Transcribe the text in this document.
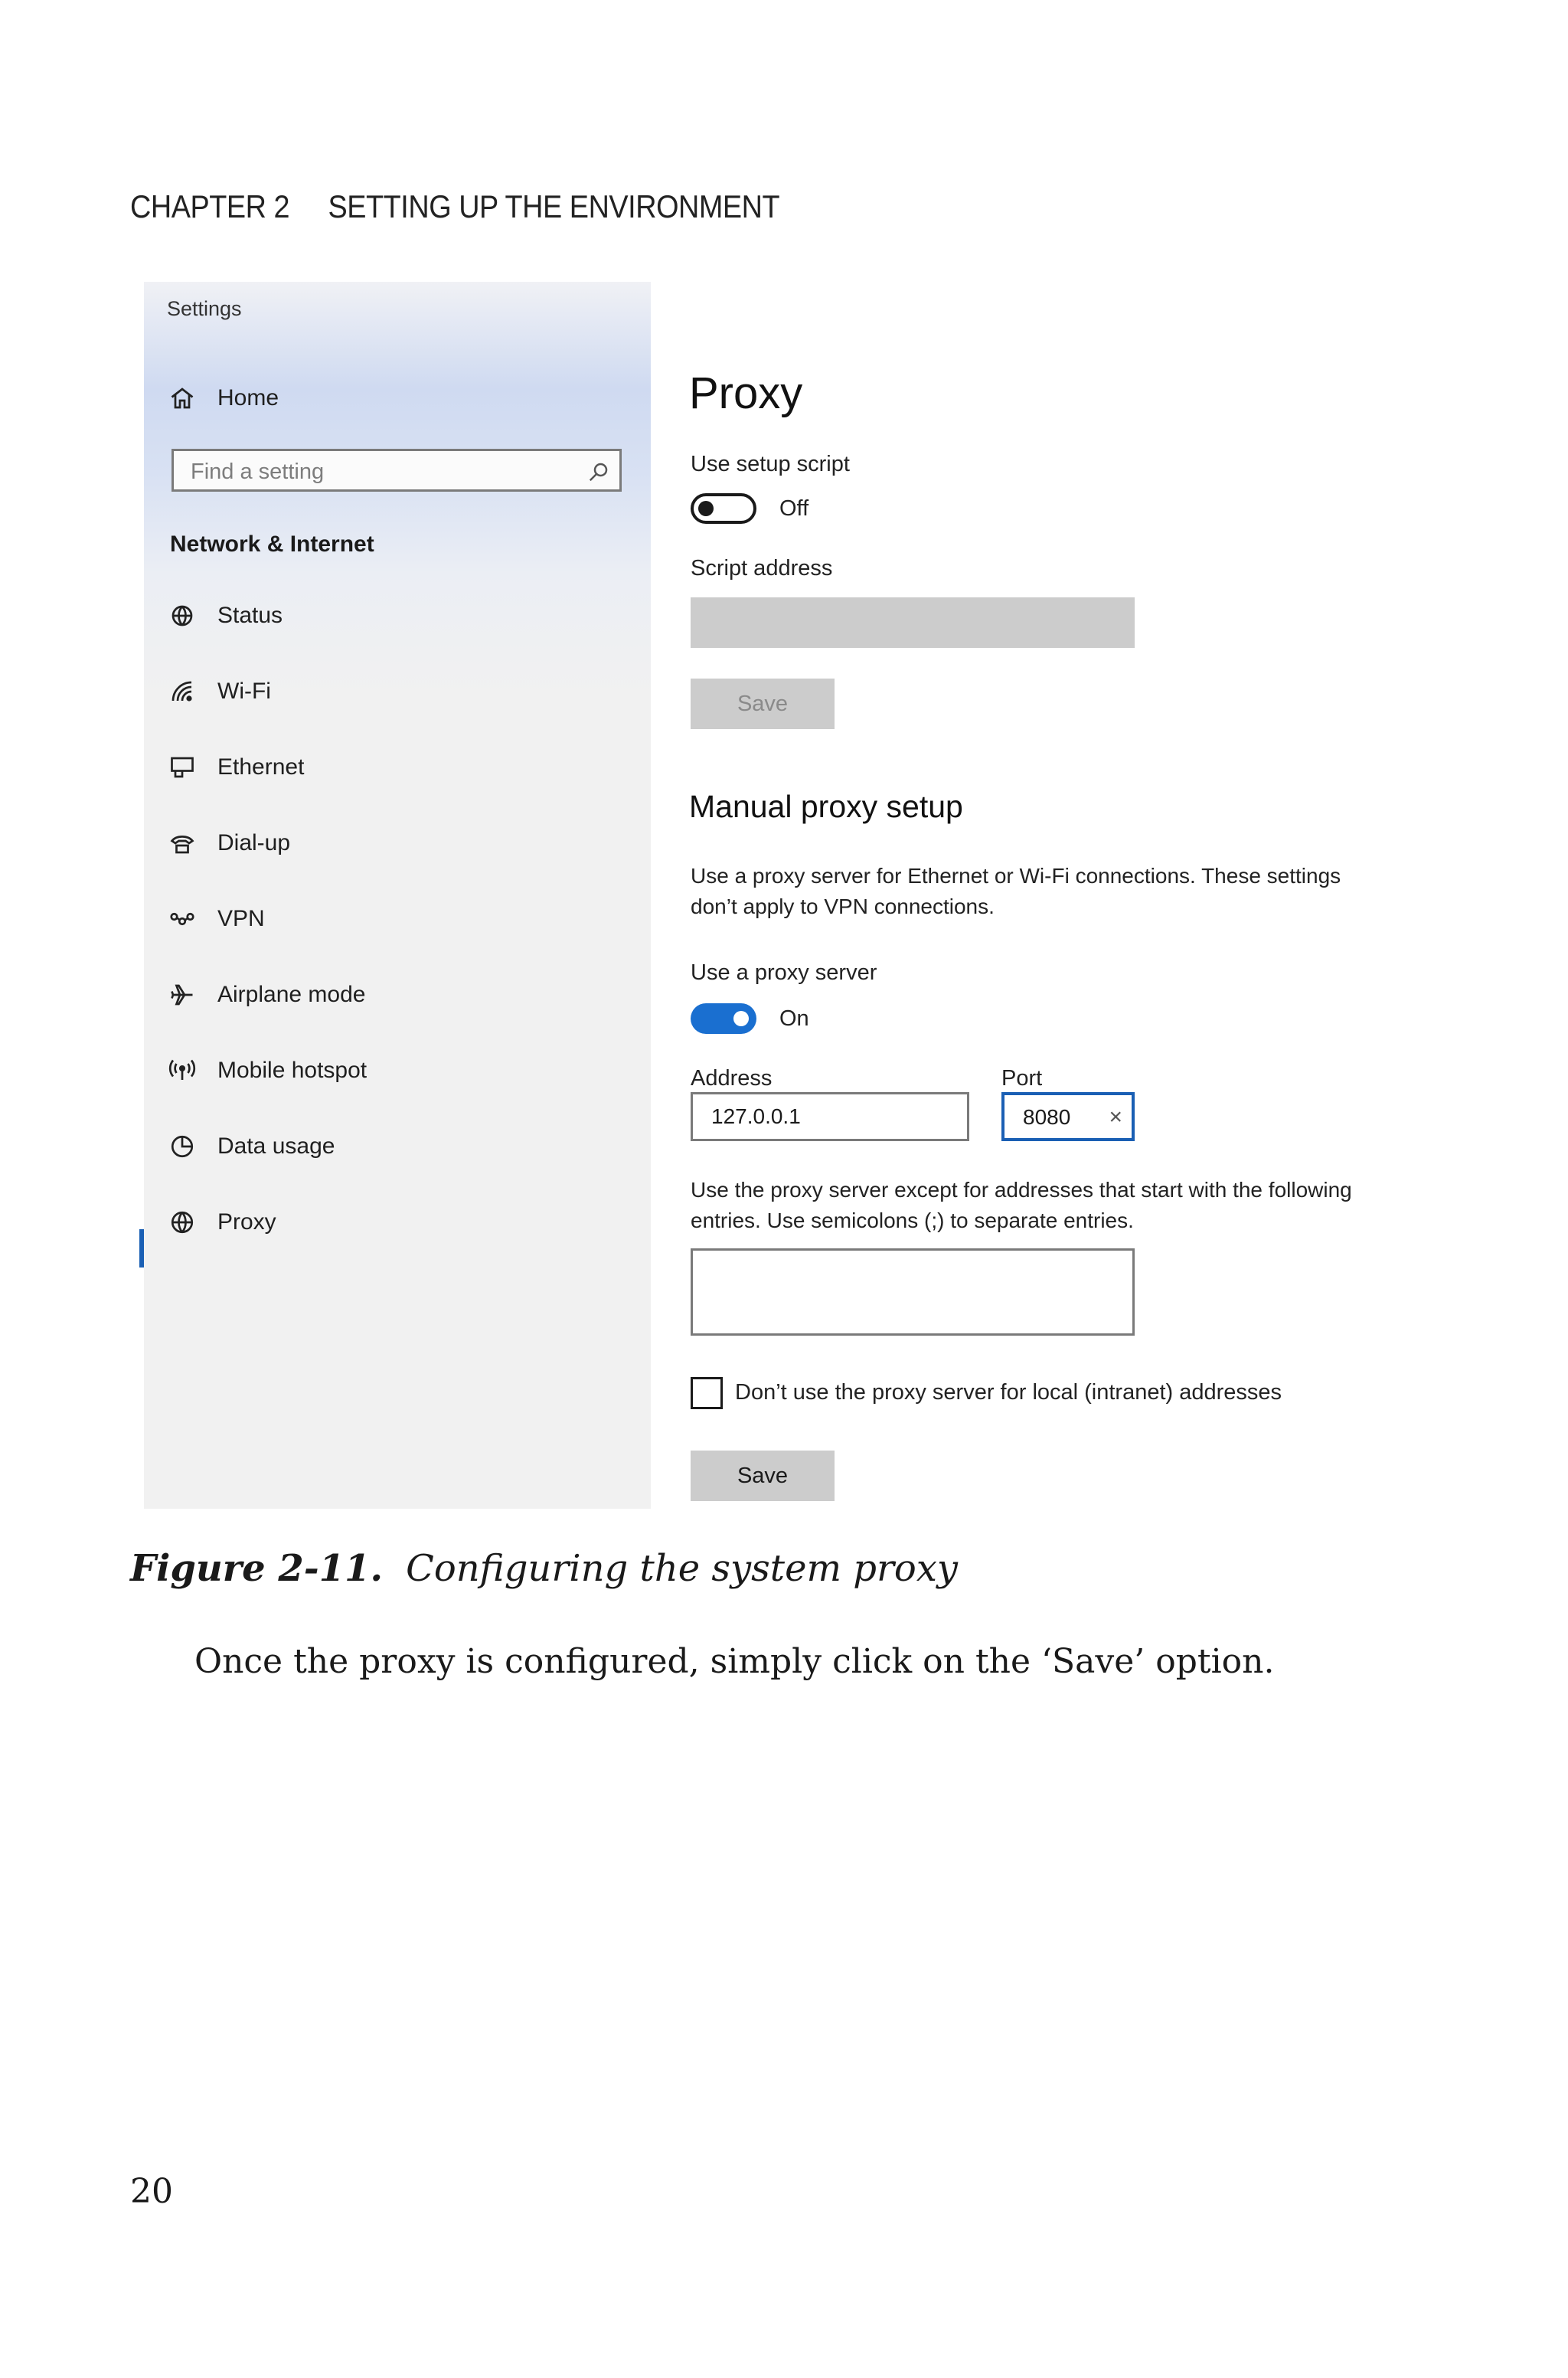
CHAPTER 2 SETTING UP THE ENVIRONMENT
Settings
Home
Find a setting
Network & Internet
Status
Wi-Fi
Ethernet
Dial-up
VPN
Airplane mode
Mobile hotspot
Data usage
Proxy
Proxy
Use setup script
Off
Script address
Save
Manual proxy setup
Use a proxy server for Ethernet or Wi-Fi connections. These settings
don’t apply to VPN connections.
Use a proxy server
On
Address
127.0.0.1	Port
8080
×
Use the proxy server except for addresses that start with the following
entries. Use semicolons (;) to separate entries.
Don’t use the proxy server for local (intranet) addresses
Save
Figure 2-11. Configuring the system proxy
Once the proxy is configured, simply click on the ‘Save’ option.
20
